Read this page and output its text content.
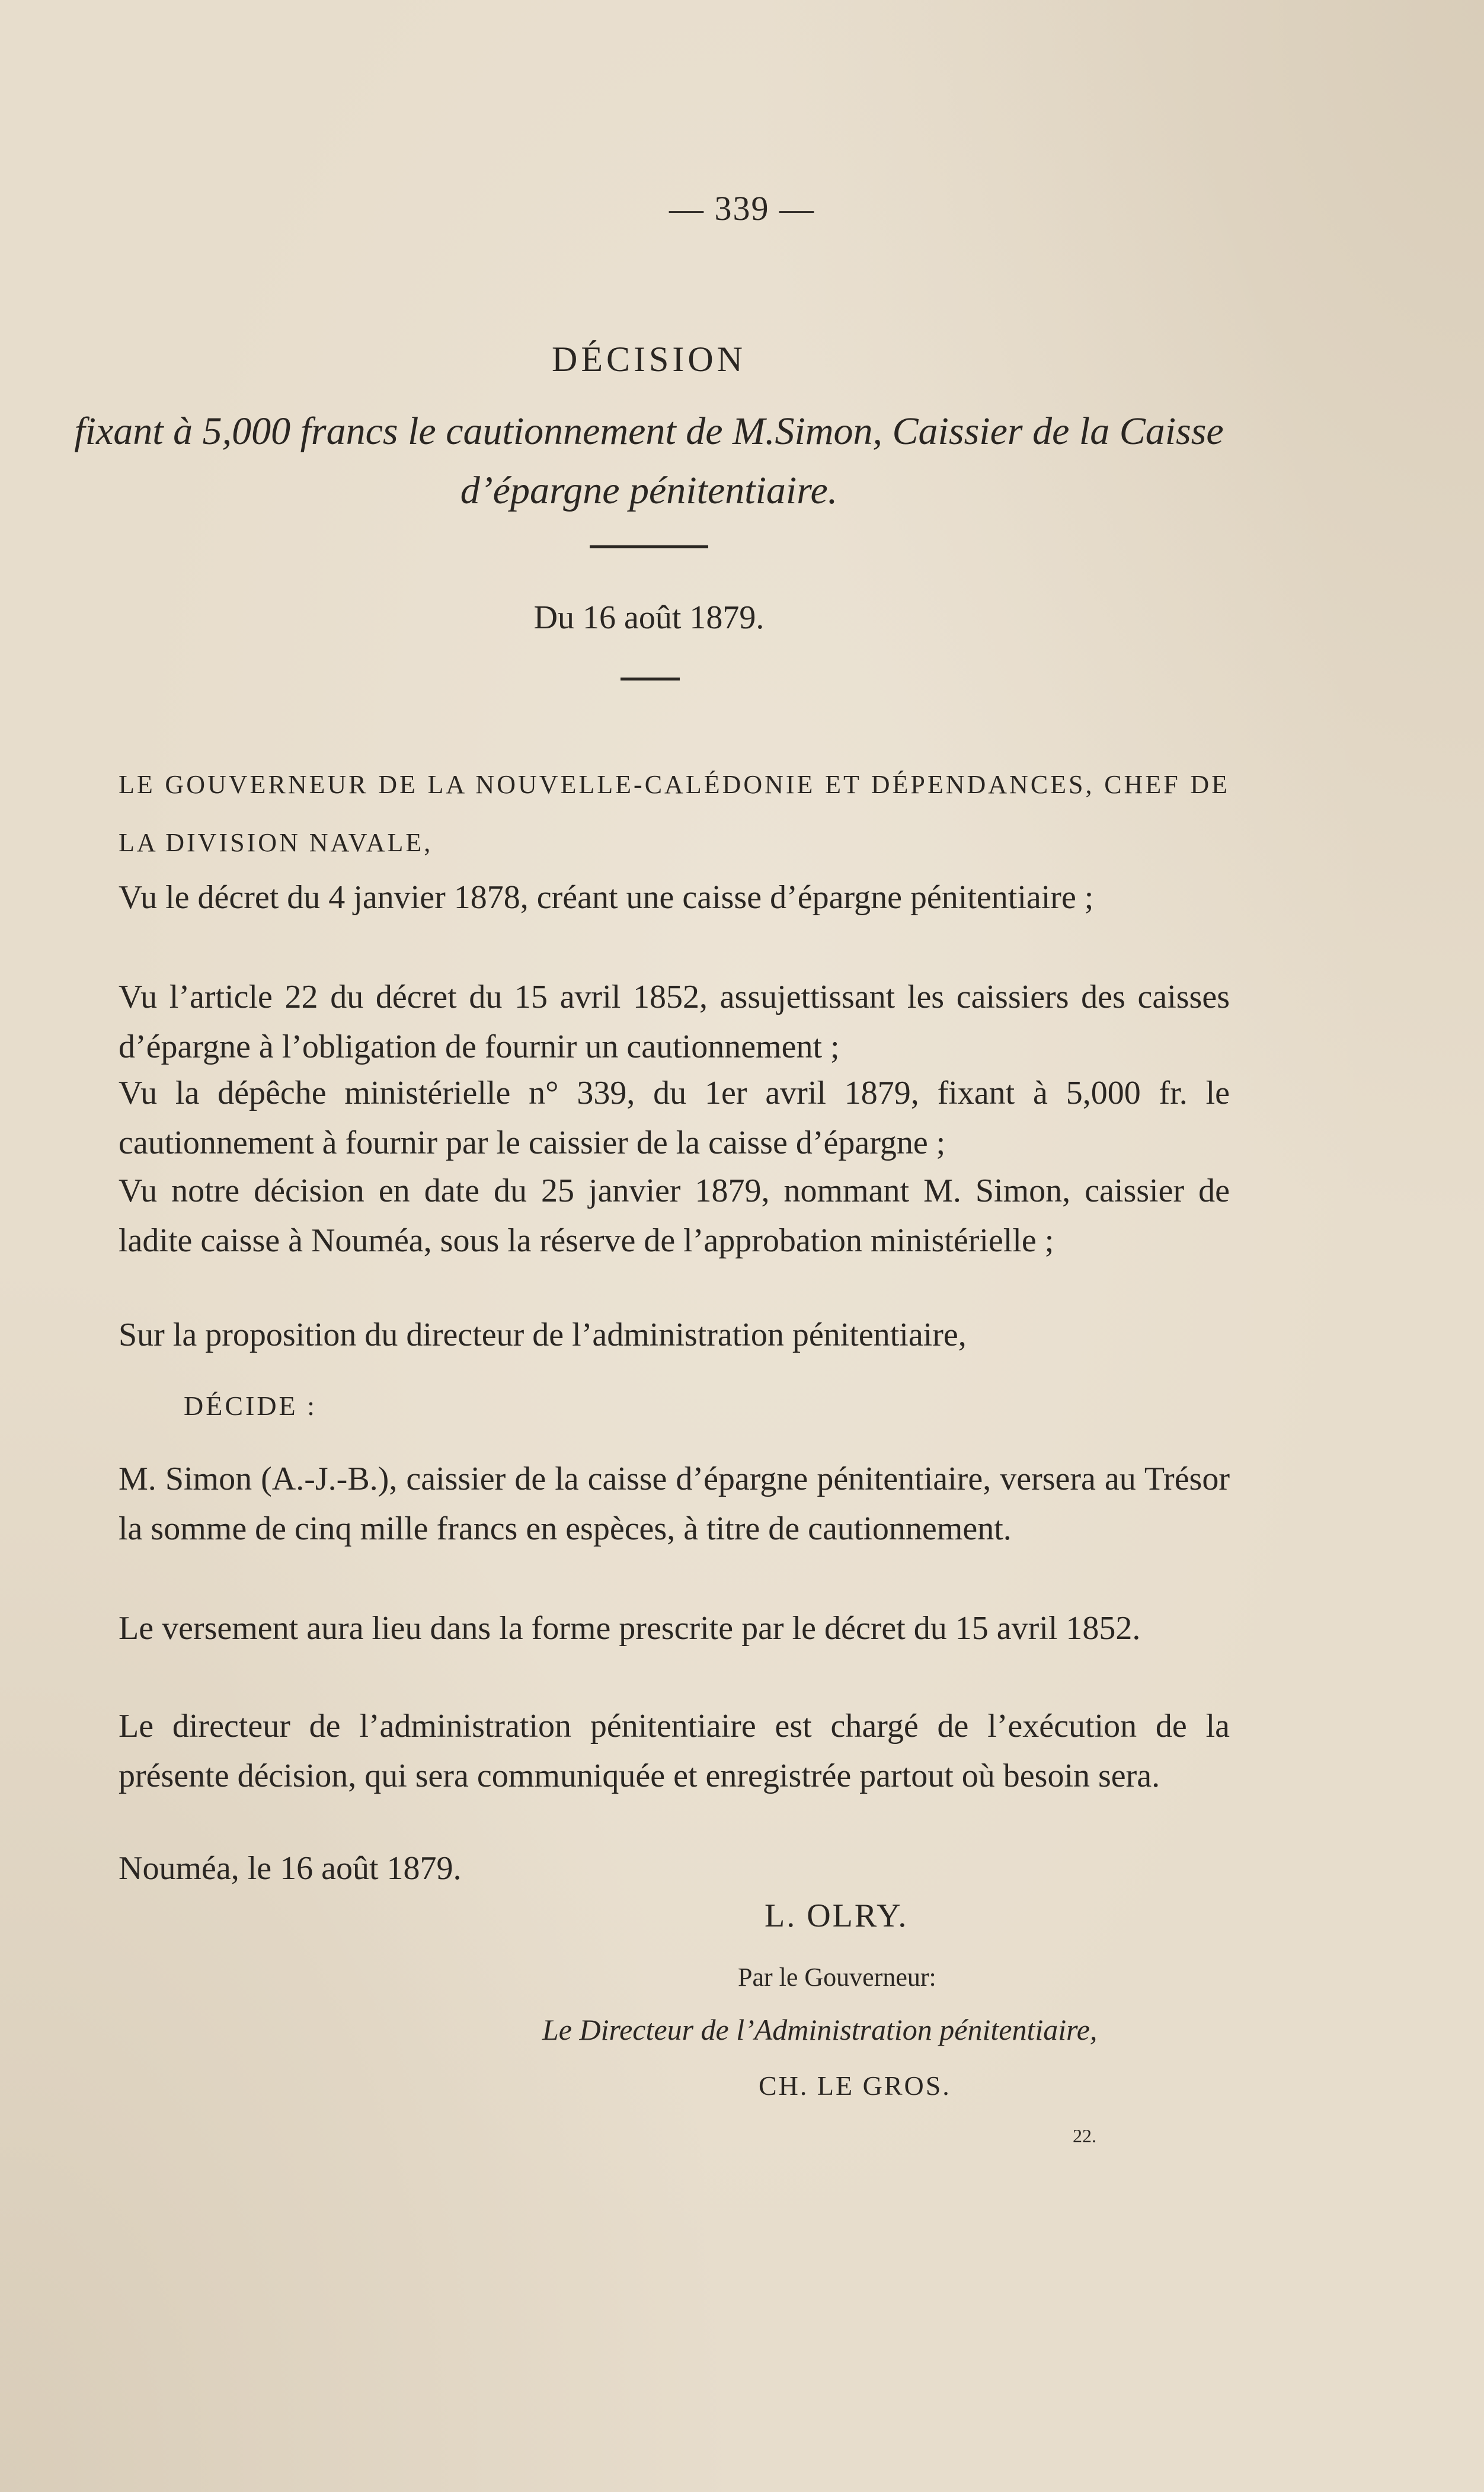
— 339 —

DÉCISION

fixant à 5,000 francs le cautionnement de M.Simon, Caissier de la Caisse

d’épargne pénitentiaire.

Du 16 août 1879.

LE GOUVERNEUR DE LA NOUVELLE-CALÉDONIE ET DÉPENDANCES, CHEF DE LA DIVISION NAVALE,

Vu le décret du 4 janvier 1878, créant une caisse d’épargne pénitentiaire ;

Vu l’article 22 du décret du 15 avril 1852, assujettissant les caissiers des caisses d’épargne à l’obligation de fournir un cautionnement ;

Vu la dépêche ministérielle n° 339, du 1er avril 1879, fixant à 5,000 fr. le cautionnement à fournir par le caissier de la caisse d’épargne ;

Vu notre décision en date du 25 janvier 1879, nommant M. Simon, caissier de ladite caisse à Nouméa, sous la réserve de l’approbation ministérielle ;

Sur la proposition du directeur de l’administration pénitentiaire,

DÉCIDE :

M. Simon (A.-J.-B.), caissier de la caisse d’épargne pénitentiaire, versera au Trésor la somme de cinq mille francs en espèces, à titre de cautionnement.

Le versement aura lieu dans la forme prescrite par le décret du 15 avril 1852.

Le directeur de l’administration pénitentiaire est chargé de l’exécution de la présente décision, qui sera communiquée et enregistrée partout où besoin sera.

Nouméa, le 16 août 1879.

L. OLRY.

Par le Gouverneur:

Le Directeur de l’Administration pénitentiaire,

CH. LE GROS.

22.
